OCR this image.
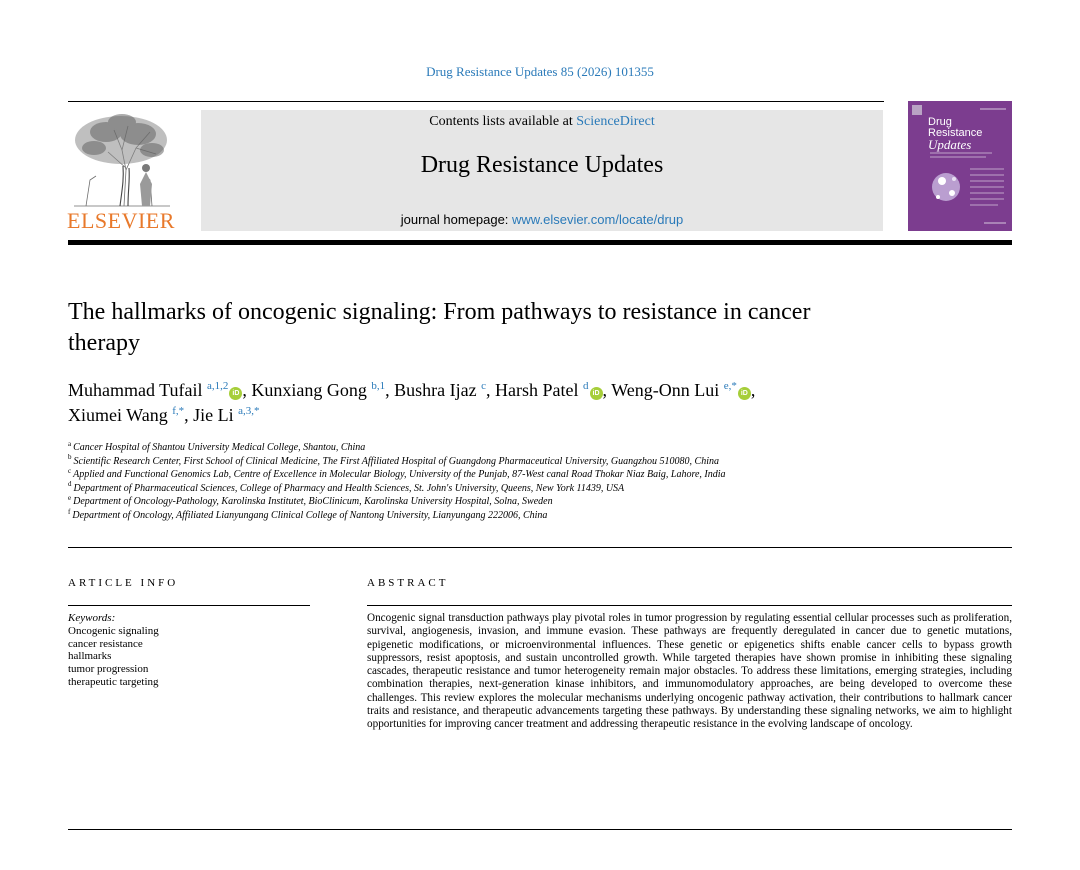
Drug Resistance Updates 85 (2026) 101355
ELSEVIER
Contents lists available at ScienceDirect
Drug Resistance Updates
journal homepage: www.elsevier.com/locate/drup
Drug
Resistance
Updates
The hallmarks of oncogenic signaling: From pathways to resistance in cancer therapy
Muhammad Tufail $^{a,1,2}$iD , Kunxiang Gong $^{b,1}$, Bushra Ijaz $^c$, Harsh Patel $^d$iD , Weng-Onn Lui $^{e,*}$iD ,
Xiumei Wang $^{f,*}$, Jie Li $^{a,3,*}$
$^a$ Cancer Hospital of Shantou University Medical College, Shantou, China
$^b$ Scientific Research Center, First School of Clinical Medicine, The First Affiliated Hospital of Guangdong Pharmaceutical University, Guangzhou 510080, China
$^c$ Applied and Functional Genomics Lab, Centre of Excellence in Molecular Biology, University of the Punjab, 87-West canal Road Thokar Niaz Baig, Lahore, India
$^d$ Department of Pharmaceutical Sciences, College of Pharmacy and Health Sciences, St. John's University, Queens, New York 11439, USA
$^e$ Department of Oncology-Pathology, Karolinska Institutet, BioClinicum, Karolinska University Hospital, Solna, Sweden
$^f$ Department of Oncology, Affiliated Lianyungang Clinical College of Nantong University, Lianyungang 222006, China
ARTICLE INFO	ABSTRACT
Keywords:
Oncogenic signaling
cancer resistance
hallmarks
tumor progression
therapeutic targeting

Oncogenic signal transduction pathways play pivotal roles in tumor progression by regulating essential cellular processes such as proliferation, survival, angiogenesis, invasion, and immune evasion. These pathways are frequently deregulated in cancer due to genetic mutations, epigenetic modifications, or microenvironmental influences. These genetic or epigenetics shifts enable cancer cells to bypass growth suppressors, resist apoptosis, and sustain uncontrolled growth. While targeted therapies have shown promise in inhibiting these signaling cascades, therapeutic resistance and tumor heterogeneity remain major obstacles. To address these limitations, emerging strategies, including combination therapies, next-generation kinase inhibitors, and immunomodulatory approaches, are being developed to overcome these challenges. This review explores the molecular mechanisms underlying oncogenic pathway activation, their contributions to hallmark cancer traits and resistance, and therapeutic advancements targeting these pathways. By understanding these signaling networks, we aim to highlight opportunities for improving cancer treatment and addressing therapeutic resistance in the evolving landscape of oncology.
